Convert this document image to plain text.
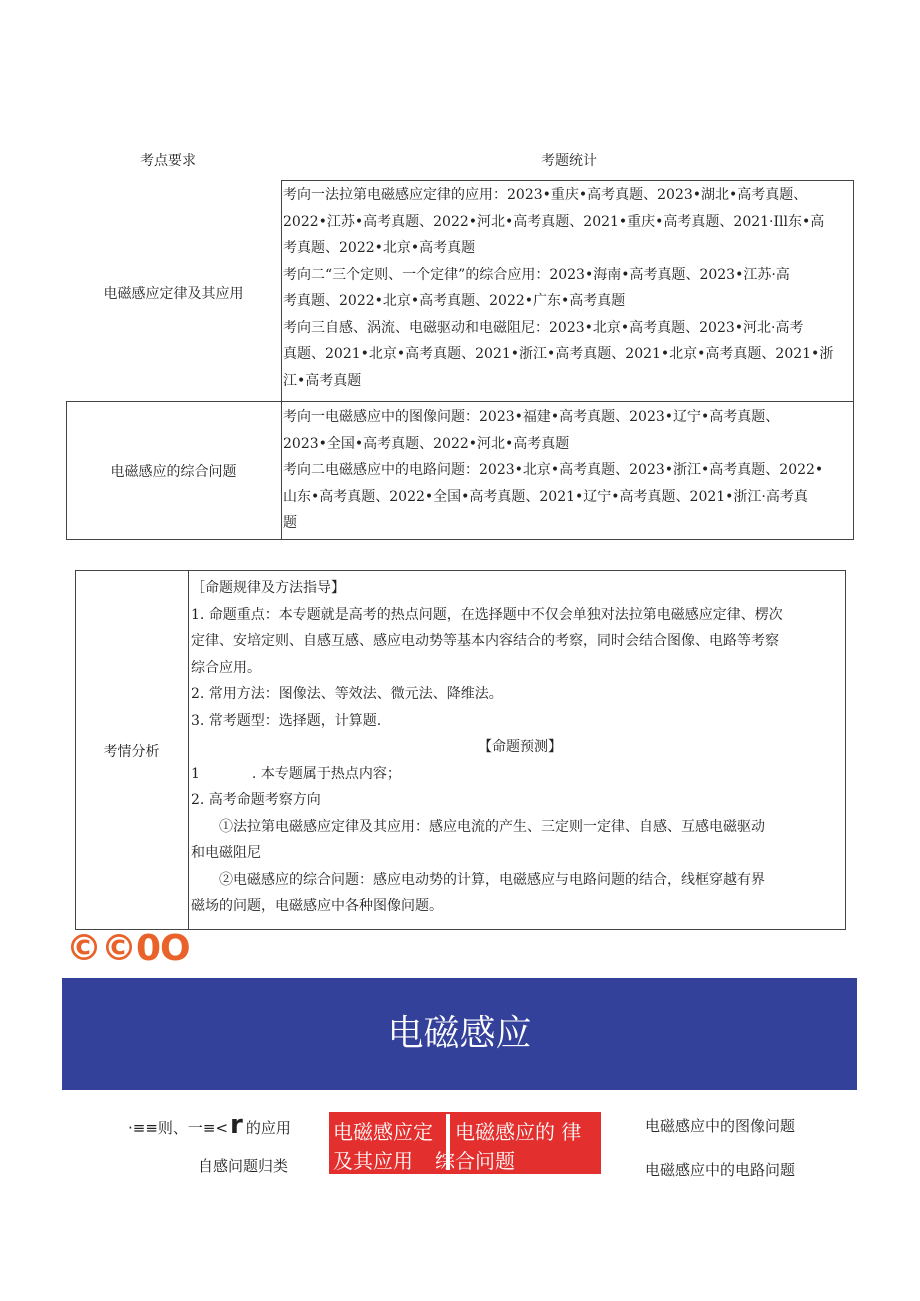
考点要求	考题统计
电磁感应定律及其应用
考向一法拉第电磁感应定律的应用：2023•重庆•高考真题、2023•湖北•高考真题、
2022•江苏•高考真题、2022•河北•高考真题、2021•重庆•高考真题、2021·Ill东•高
考真题、2022•北京•高考真题
考向二“三个定则、一个定律”的综合应用：2023•海南•高考真题、2023•江苏·高
考真题、2022•北京•高考真题、2022•广东•高考真题
考向三自感、涡流、电磁驱动和电磁阻尼：2023•北京•高考真题、2023•河北·高考
真题、2021•北京•高考真题、2021•浙江•高考真题、2021•北京•高考真题、2021•浙
江•高考真题
电磁感应的综合问题
考向一电磁感应中的图像问题：2023•福建•高考真题、2023•辽宁•高考真题、
2023•全国•高考真题、2022•河北•高考真题
考向二电磁感应中的电路问题：2023•北京•高考真题、2023•浙江•高考真题、2022•
山东•高考真题、2022•全国•高考真题、2021•辽宁•高考真题、2021•浙江·高考真
题
考情分析
［命题规律及方法指导】
1. 命题重点：本专题就是高考的热点问题，在选择题中不仅会单独对法拉第电磁感应定律、楞次
定律、安培定则、自感互感、感应电动势等基本内容结合的考察，同时会结合图像、电路等考察
综合应用。
2. 常用方法：图像法、等效法、微元法、降维法。
3. 常考题型：选择题，计算题.
【命题预测】
1	. 本专题属于热点内容；
2. 高考命题考察方向
　　①法拉第电磁感应定律及其应用：感应电流的产生、三定则一定律、自感、互感电磁驱动
和电磁阻尼
　　②电磁感应的综合问题：感应电动势的计算，电磁感应与电路问题的结合，线框穿越有界
磁场的问题，电磁感应中各种图像问题。
©©0O
电磁感应
·≡≡则、一≡<r 的应用
自感问题归类
电磁感应定
及其应用
电磁感应的 律
综合问题
电磁感应中的图像问题
电磁感应中的电路问题
